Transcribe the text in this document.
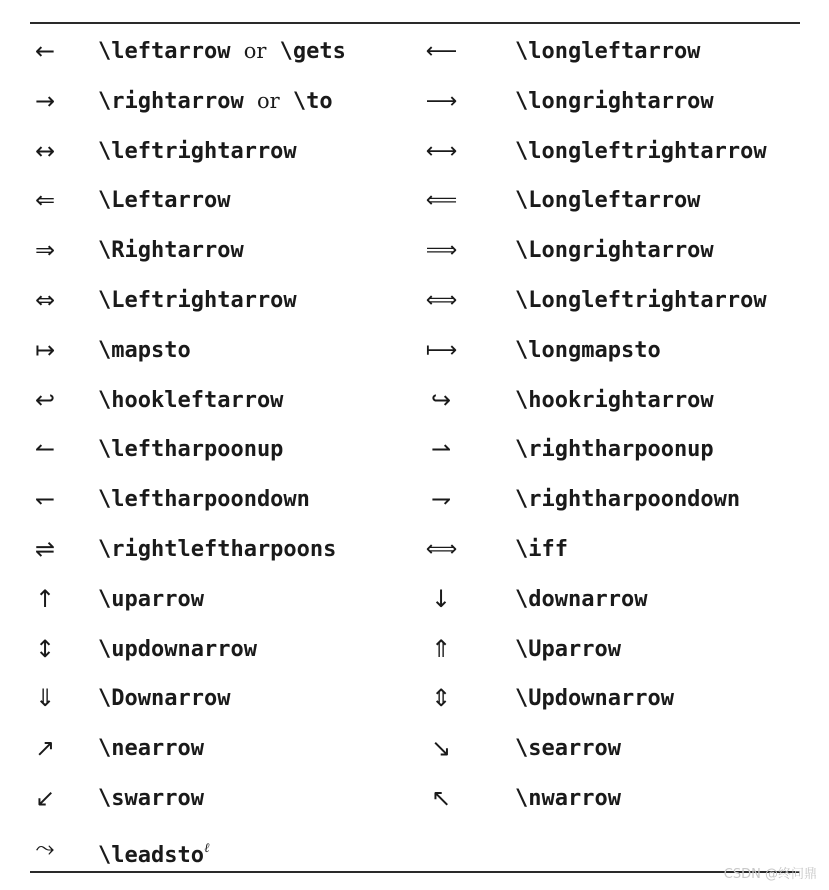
← \leftarrow or \gets	⟵	\longleftarrow
→ \rightarrow or \to	⟶	\longrightarrow
↔ \leftrightarrow	⟷	\longleftrightarrow
⇐ \Leftarrow	⟸	\Longleftarrow
⇒ \Rightarrow	⟹	\Longrightarrow
⇔ \Leftrightarrow	⟺	\Longleftrightarrow
↦ \mapsto	⟼	\longmapsto
↩ \hookleftarrow	↪	\hookrightarrow
↼ \leftharpoonup	⇀	\rightharpoonup
↽ \leftharpoondown	⇁	\rightharpoondown
⇌ \rightleftharpoons	⟺	\iff
↑ \uparrow	↓	\downarrow
↕ \updownarrow	⇑	\Uparrow
⇓ \Downarrow	⇕	\Updownarrow
↗ \nearrow	↘	\searrow
↙ \swarrow	↖	\nwarrow
⤳ \leadsto$^\ell$
CSDN @终问鼎
